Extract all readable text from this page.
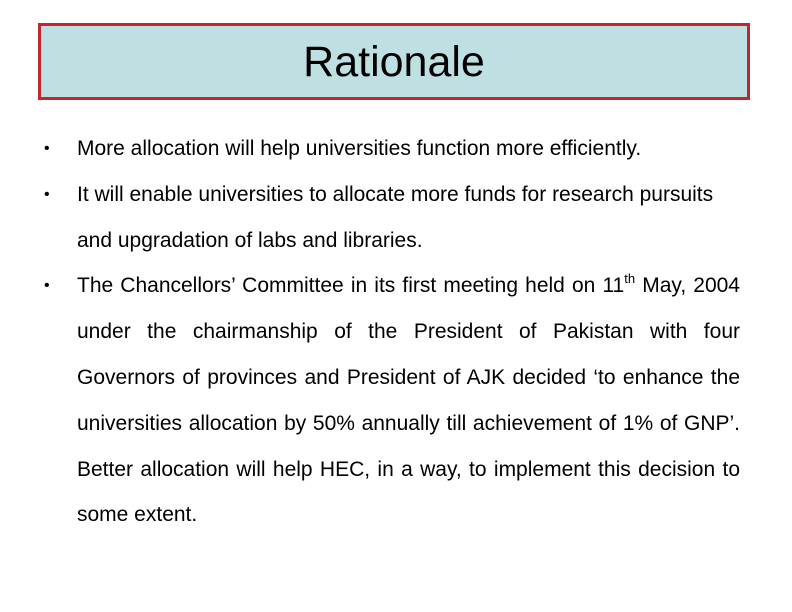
Rationale
• More allocation will help universities function more efficiently.
• It will enable universities to allocate more funds for research pursuits and upgradation of labs and libraries.
• The Chancellors’ Committee in its first meeting held on 11th May, 2004 under the chairmanship of the President of Pakistan with four Governors of provinces and President of AJK decided ‘to enhance the universities allocation by 50% annually till achievement of 1% of GNP’. Better allocation will help HEC, in a way, to implement this decision to some extent.
